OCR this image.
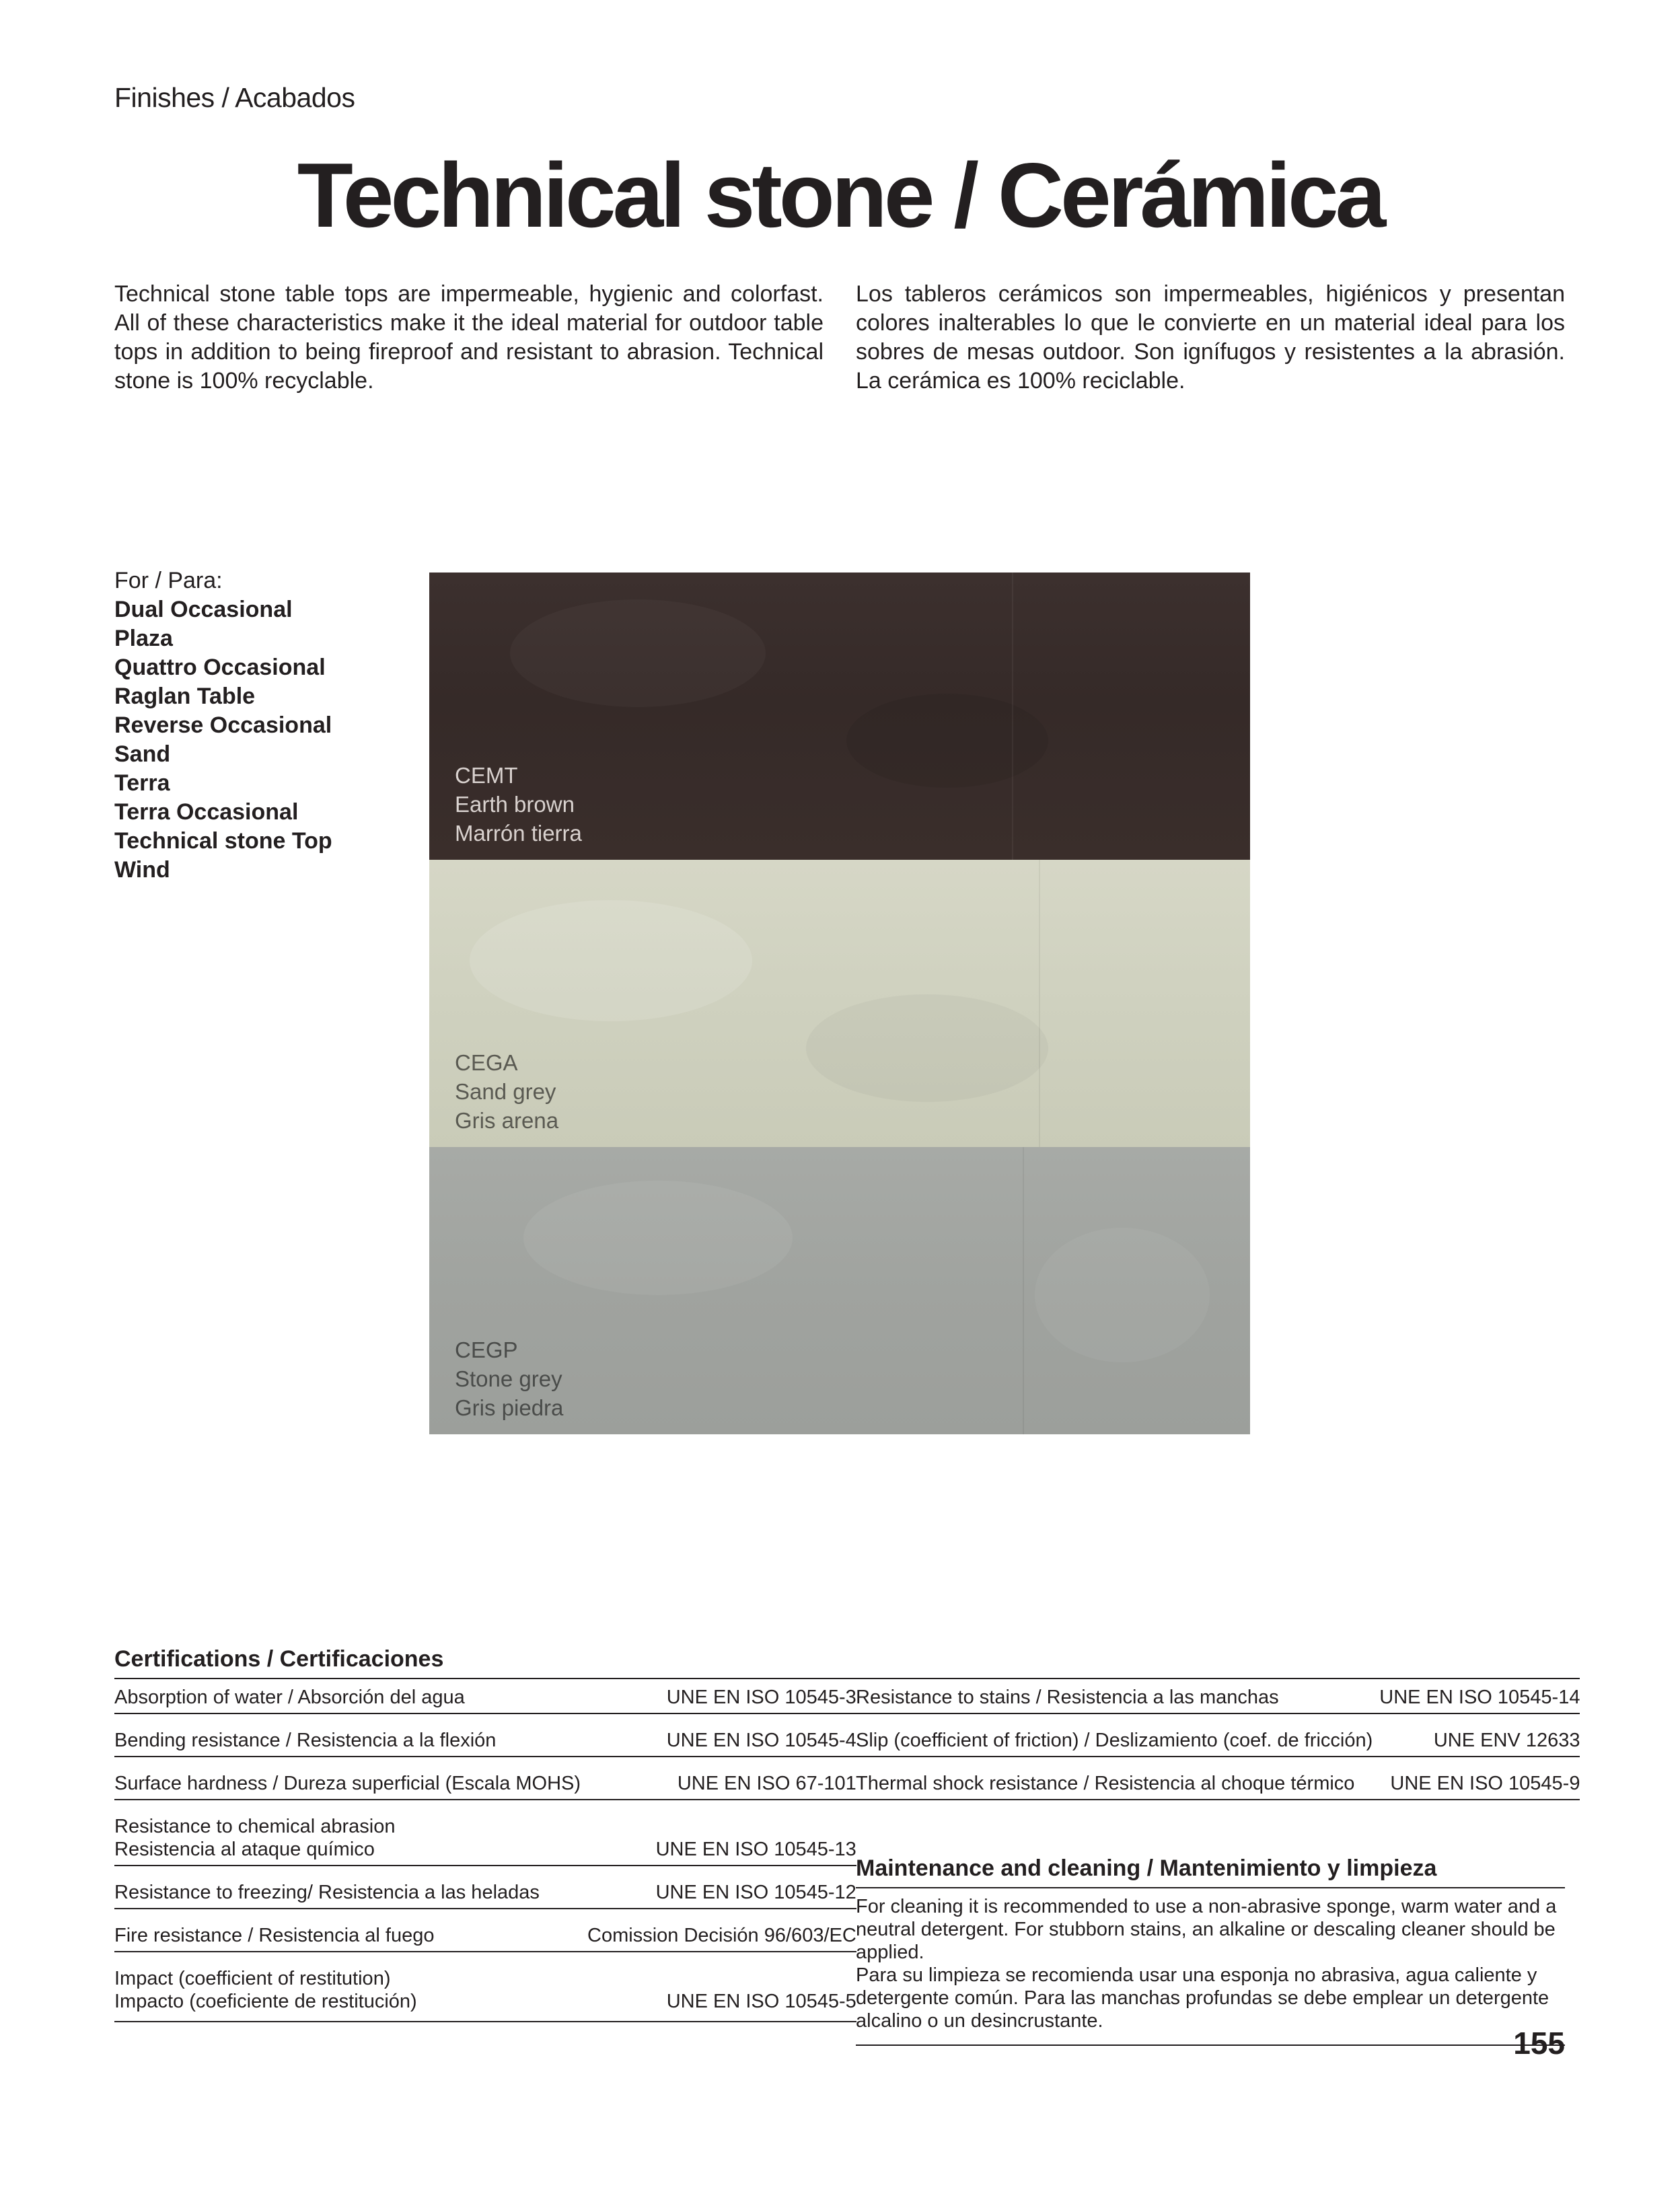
Finishes / Acabados
Technical stone / Cerámica
Technical stone table tops are impermeable, hygienic and colorfast. All of these characteristics make it the ideal material for outdoor table tops in addition to being fireproof and resistant to abrasion. Technical stone is 100% recyclable.
Los tableros cerámicos son impermeables, higiénicos y presentan colores inalterables lo que le convierte en un material ideal para los sobres de mesas outdoor. Son ignífugos y resistentes a la abrasión. La cerámica es 100% reciclable.
For / Para:
Dual Occasional
Plaza
Quattro Occasional
Raglan Table
Reverse Occasional
Sand
Terra
Terra Occasional
Technical stone Top
Wind
CEMT
Earth brown
Marrón tierra
CEGA
Sand grey
Gris arena
CEGP
Stone grey
Gris piedra
Certifications / Certificaciones
Absorption of water / Absorción del agua	UNE EN ISO 10545-3

Bending resistance / Resistencia a la flexión	UNE EN ISO 10545-4

Surface hardness / Dureza superficial (Escala MOHS)	UNE EN ISO 67-101

Resistance to chemical abrasion
Resistencia al ataque químico	UNE EN ISO 10545-13

Resistance to freezing/ Resistencia a las heladas	UNE EN ISO 10545-12

Fire resistance / Resistencia al fuego	Comission Decisión 96/603/EC

Impact (coefficient of restitution)
Impacto (coeficiente de restitución)	UNE EN ISO 10545-5
Resistance to stains / Resistencia a las manchas	UNE EN ISO 10545-14

Slip (coefficient of friction) / Deslizamiento (coef. de fricción)	UNE ENV 12633

Thermal shock resistance / Resistencia al choque térmico	UNE EN ISO 10545-9
Maintenance and cleaning / Mantenimiento y limpieza
For cleaning it is recommended to use a non-abrasive sponge, warm water and a neutral detergent. For stubborn stains, an alkaline or descaling cleaner should be applied.
Para su limpieza se recomienda usar una esponja no abrasiva, agua caliente y detergente común. Para las manchas profundas se debe emplear un detergente alcalino o un desincrustante.
155
